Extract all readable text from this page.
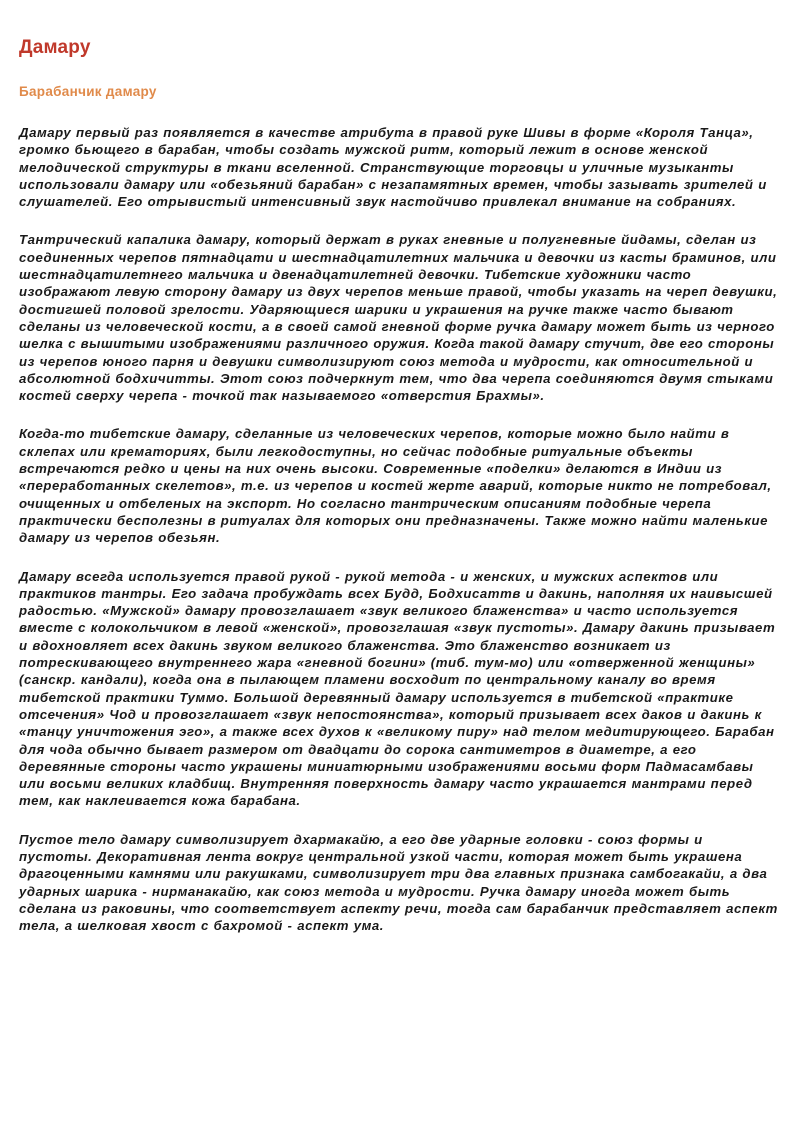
Дамару
Барабанчик дамару

Дамару первый раз появляется в качестве атрибута в правой руке Шивы в форме «Короля Танца», громко бьющего в барабан, чтобы создать мужской ритм, который лежит в основе женской мелодической структуры в ткани вселенной. Странствующие торговцы и уличные музыканты использовали дамару или «обезьяний барабан» с незапамятных времен, чтобы зазывать зрителей и слушателей. Его отрывистый интенсивный звук настойчиво привлекал внимание на собраниях.

Тантрический капалика дамару, который держат в руках гневные и полугневные йидамы, сделан из соединенных черепов пятнадцати и шестнадцатилетних мальчика и девочки из касты браминов, или шестнадцатилетнего мальчика и двенадцатилетней девочки. Тибетские художники часто изображают левую сторону дамару из двух черепов меньше правой, чтобы указать на череп девушки, достигшей половой зрелости. Ударяющиеся шарики и украшения на ручке также часто бывают сделаны из человеческой кости, а в своей самой гневной форме ручка дамару может быть из черного шелка с вышитыми изображениями различного оружия. Когда такой дамару стучит, две его стороны из черепов юного парня и девушки символизируют союз метода и мудрости, как относительной и абсолютной бодхичитты. Этот союз подчеркнут тем, что два черепа соединяются двумя стыками костей сверху черепа - точкой так называемого «отверстия Брахмы».

Когда-то тибетские дамару, сделанные из человеческих черепов, которые можно было найти в склепах или крематориях, были легкодоступны, но сейчас подобные ритуальные объекты встречаются редко и цены на них очень высоки. Современные «поделки» делаются в Индии из «переработанных скелетов», т.е. из черепов и костей жерте аварий, которые никто не потребовал, очищенных и отбеленых на экспорт. Но согласно тантрическим описаниям подобные черепа практически бесполезны в ритуалах для которых они предназначены. Также можно найти маленькие дамару из черепов обезьян.

Дамару всегда используется правой рукой - рукой метода - и женских, и мужских аспектов или практиков тантры. Его задача пробуждать всех Будд, Бодхисаттв и дакинь, наполняя их наивысшей радостью. «Мужской» дамару провозглашает «звук великого блаженства» и часто используется вместе с колокольчиком в левой «женской», провозглашая «звук пустоты». Дамару дакинь призывает и вдохновляет всех дакинь звуком великого блаженства. Это блаженство возникает из потрескивающего внутреннего жара «гневной богини» (тиб. тум-мо) или «отверженной женщины» (санскр. кандали), когда она в пылающем пламени восходит по центральному каналу во время тибетской практики Туммо. Большой деревянный дамару используется в тибетской «практике отсечения» Чод и провозглашает «звук непостоянства», который призывает всех даков и дакинь к «танцу уничтожения эго», а также всех духов к «великому пиру» над телом медитирующего. Барабан для чода обычно бывает размером от двадцати до сорока сантиметров в диаметре, а его деревянные стороны часто украшены миниатюрными изображениями восьми форм Падмасамбавы или восьми великих кладбищ. Внутренняя поверхность дамару часто украшается мантрами перед тем, как наклеивается кожа барабана.

Пустое тело дамару символизирует дхармакайю, а его две ударные головки - союз формы и пустоты. Декоративная лента вокруг центральной узкой части, которая может быть украшена драгоценными камнями или ракушками, символизирует три два главных признака самбогакайи, а два ударных шарика - нирманакайю, как союз метода и мудрости. Ручка дамару иногда может быть сделана из раковины, что соответствует аспекту речи, тогда сам барабанчик представляет аспект тела, а шелковая хвост с бахромой - аспект ума.
